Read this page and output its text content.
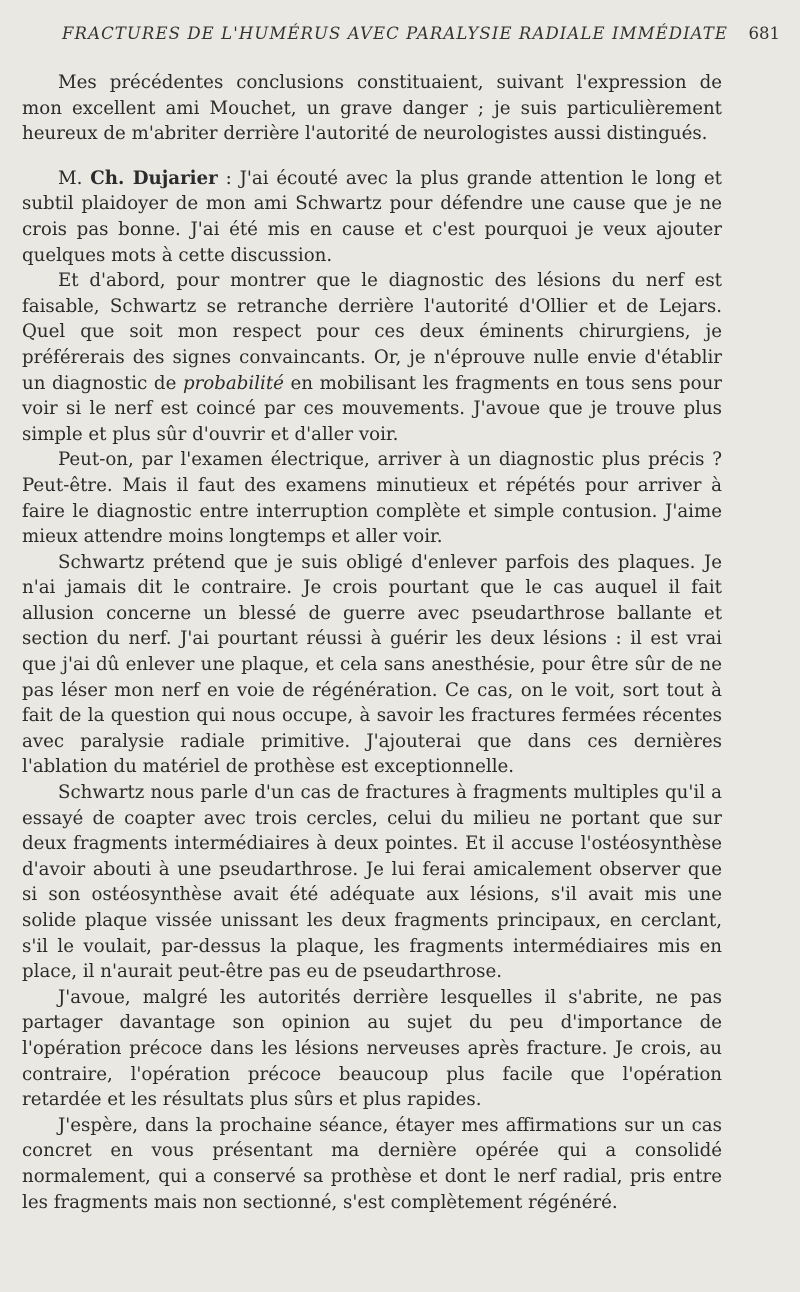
FRACTURES DE L'HUMÉRUS AVEC PARALYSIE RADIALE IMMÉDIATE 681

Mes précédentes conclusions constituaient, suivant l'expression de mon excellent ami Mouchet, un grave danger ; je suis particulièrement heureux de m'abriter derrière l'autorité de neurologistes aussi distingués.

M. Ch. Dujarier : J'ai écouté avec la plus grande attention le long et subtil plaidoyer de mon ami Schwartz pour défendre une cause que je ne crois pas bonne. J'ai été mis en cause et c'est pourquoi je veux ajouter quelques mots à cette discussion.

Et d'abord, pour montrer que le diagnostic des lésions du nerf est faisable, Schwartz se retranche derrière l'autorité d'Ollier et de Lejars. Quel que soit mon respect pour ces deux éminents chirurgiens, je préférerais des signes convaincants. Or, je n'éprouve nulle envie d'établir un diagnostic de probabilité en mobilisant les fragments en tous sens pour voir si le nerf est coincé par ces mouvements. J'avoue que je trouve plus simple et plus sûr d'ouvrir et d'aller voir.

Peut-on, par l'examen électrique, arriver à un diagnostic plus précis ? Peut-être. Mais il faut des examens minutieux et répétés pour arriver à faire le diagnostic entre interruption complète et simple contusion. J'aime mieux attendre moins longtemps et aller voir.

Schwartz prétend que je suis obligé d'enlever parfois des plaques. Je n'ai jamais dit le contraire. Je crois pourtant que le cas auquel il fait allusion concerne un blessé de guerre avec pseudarthrose ballante et section du nerf. J'ai pourtant réussi à guérir les deux lésions : il est vrai que j'ai dû enlever une plaque, et cela sans anesthésie, pour être sûr de ne pas léser mon nerf en voie de régénération. Ce cas, on le voit, sort tout à fait de la question qui nous occupe, à savoir les fractures fermées récentes avec paralysie radiale primitive. J'ajouterai que dans ces dernières l'ablation du matériel de prothèse est exceptionnelle.

Schwartz nous parle d'un cas de fractures à fragments multiples qu'il a essayé de coapter avec trois cercles, celui du milieu ne portant que sur deux fragments intermédiaires à deux pointes. Et il accuse l'ostéosynthèse d'avoir abouti à une pseudarthrose. Je lui ferai amicalement observer que si son ostéosynthèse avait été adéquate aux lésions, s'il avait mis une solide plaque vissée unissant les deux fragments principaux, en cerclant, s'il le voulait, par-dessus la plaque, les fragments intermédiaires mis en place, il n'aurait peut-être pas eu de pseudarthrose.

J'avoue, malgré les autorités derrière lesquelles il s'abrite, ne pas partager davantage son opinion au sujet du peu d'importance de l'opération précoce dans les lésions nerveuses après fracture. Je crois, au contraire, l'opération précoce beaucoup plus facile que l'opération retardée et les résultats plus sûrs et plus rapides.

J'espère, dans la prochaine séance, étayer mes affirmations sur un cas concret en vous présentant ma dernière opérée qui a consolidé normalement, qui a conservé sa prothèse et dont le nerf radial, pris entre les fragments mais non sectionné, s'est complètement régénéré.
